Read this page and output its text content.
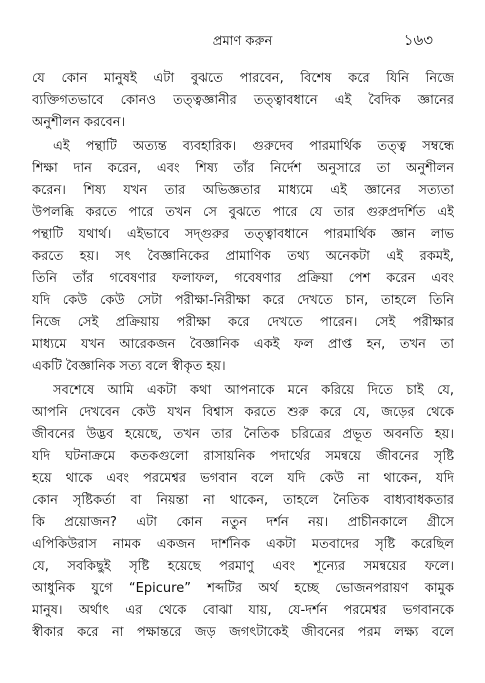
প্রমাণ করুন	১৬৩
যে কোন মানুষই এটা বুঝতে পারবেন, বিশেষ করে যিনি নিজে
ব্যক্তিগতভাবে কোনও তত্ত্বজ্ঞানীর তত্ত্বাবধানে এই বৈদিক জ্ঞানের
অনুশীলন করবেন।
এই পন্থাটি অত্যন্ত ব্যবহারিক। গুরুদেব পারমার্থিক তত্ত্ব সম্বন্ধে
শিক্ষা দান করেন, এবং শিষ্য তাঁর নির্দেশ অনুসারে তা অনুশীলন
করেন। শিষ্য যখন তার অভিজ্ঞতার মাধ্যমে এই জ্ঞানের সত্যতা
উপলব্ধি করতে পারে তখন সে বুঝতে পারে যে তার গুরুপ্রদর্শিত এই
পন্থাটি যথার্থ। এইভাবে সদ্গুরুর তত্ত্বাবধানে পারমার্থিক জ্ঞান লাভ
করতে হয়। সৎ বৈজ্ঞানিকের প্রামাণিক তথ্য অনেকটা এই রকমই,
তিনি তাঁর গবেষণার ফলাফল, গবেষণার প্রক্রিয়া পেশ করেন এবং
যদি কেউ কেউ সেটা পরীক্ষা-নিরীক্ষা করে দেখতে চান, তাহলে তিনি
নিজে সেই প্রক্রিয়ায় পরীক্ষা করে দেখতে পারেন। সেই পরীক্ষার
মাধ্যমে যখন আরেকজন বৈজ্ঞানিক একই ফল প্রাপ্ত হন, তখন তা
একটি বৈজ্ঞানিক সত্য বলে স্বীকৃত হয়।
সবশেষে আমি একটা কথা আপনাকে মনে করিয়ে দিতে চাই যে,
আপনি দেখবেন কেউ যখন বিশ্বাস করতে শুরু করে যে, জড়ের থেকে
জীবনের উদ্ভব হয়েছে, তখন তার নৈতিক চরিত্রের প্রভূত অবনতি হয়।
যদি ঘটনাক্রমে কতকগুলো রাসায়নিক পদার্থের সমন্বয়ে জীবনের সৃষ্টি
হয়ে থাকে এবং পরমেশ্বর ভগবান বলে যদি কেউ না থাকেন, যদি
কোন সৃষ্টিকর্তা বা নিয়ন্তা না থাকেন, তাহলে নৈতিক বাধ্যবাধকতার
কি প্রয়োজন? এটা কোন নতুন দর্শন নয়। প্রাচীনকালে গ্রীসে
এপিকিউরাস নামক একজন দার্শনিক একটা মতবাদের সৃষ্টি করেছিল
যে, সবকিছুই সৃষ্টি হয়েছে পরমাণু এবং শূন্যের সমন্বয়ের ফলে।
আধুনিক যুগে “Epicure” শব্দটির অর্থ হচ্ছে ভোজনপরায়ণ কামুক
মানুষ। অর্থাৎ এর থেকে বোঝা যায়, যে-দর্শন পরমেশ্বর ভগবানকে
স্বীকার করে না পক্ষান্তরে জড় জগৎটাকেই জীবনের পরম লক্ষ্য বলে
